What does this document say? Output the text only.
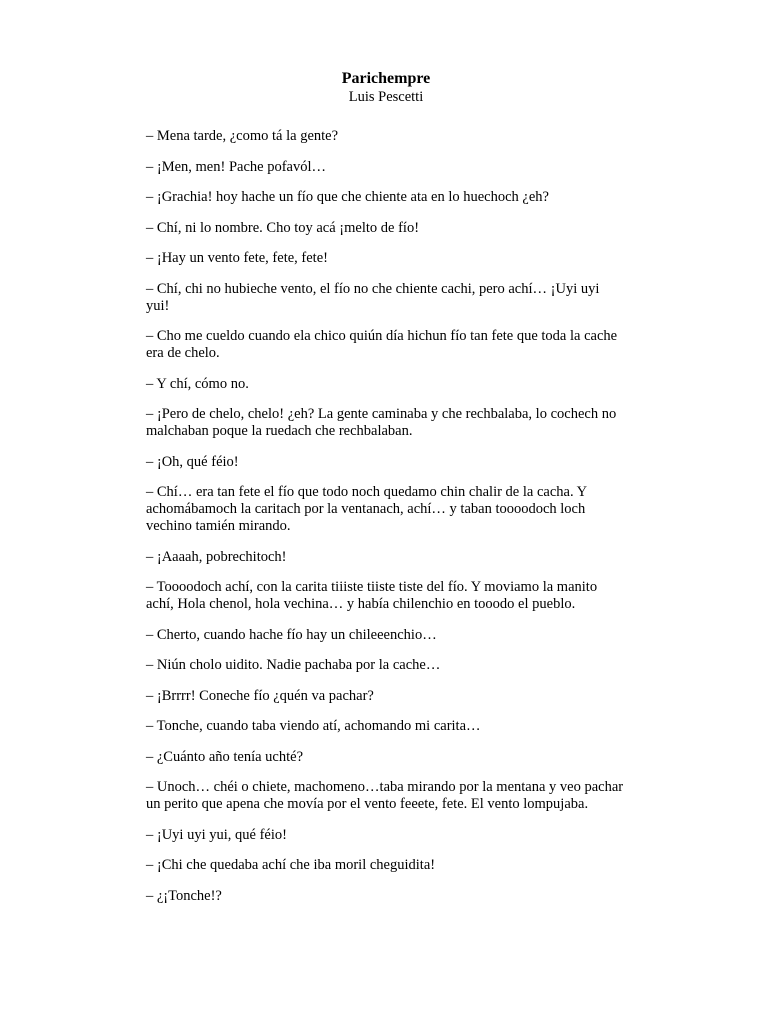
Parichempre

Luis Pescetti

– Mena tarde, ¿como tá la gente?

– ¡Men, men! Pache pofavól…

– ¡Grachia! hoy hache un fío que che chiente ata en lo huechoch ¿eh?

– Chí, ni lo nombre. Cho toy acá ¡melto de fío!

– ¡Hay un vento fete, fete, fete!

– Chí, chi no hubieche vento, el fío no che chiente cachi, pero achí… ¡Uyi uyi yui!

– Cho me cueldo cuando ela chico quiún día hichun fío tan fete que toda la cache era de chelo.

– Y chí, cómo no.

– ¡Pero de chelo, chelo! ¿eh? La gente caminaba y che rechbalaba, lo cochech no malchaban poque la ruedach che rechbalaban.

– ¡Oh, qué féio!

– Chí… era tan fete el fío que todo noch quedamo chin chalir de la cacha. Y achomábamoch la caritach por la ventanach, achí… y taban toooodoch loch vechino tamién mirando.

– ¡Aaaah, pobrechitoch!

– Toooodoch achí, con la carita tiiiste tiiste tiste del fío. Y moviamo la manito achí, Hola chenol, hola vechina… y había chilenchio en tooodo el pueblo.

– Cherto, cuando hache fío hay un chileeenchio…

– Niún cholo uidito. Nadie pachaba por la cache…

– ¡Brrrr! Coneche fío ¿quén va pachar?

– Tonche, cuando taba viendo atí, achomando mi carita…

– ¿Cuánto año tenía uchté?

– Unoch… chéi o chiete, machomeno…taba mirando por la mentana y veo pachar un perito que apena che movía por el vento feeete, fete. El vento lompujaba.

– ¡Uyi uyi yui, qué féio!

– ¡Chi che quedaba achí che iba moril cheguidita!

– ¿¡Tonche!?
